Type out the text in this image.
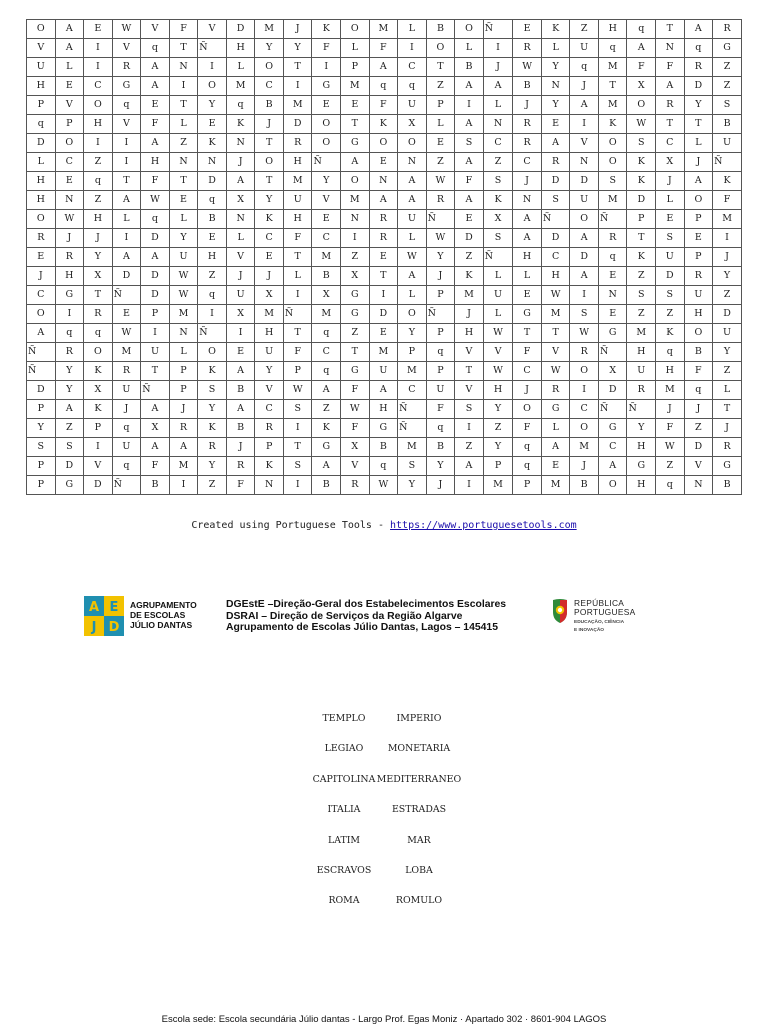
O	A	E	W	V	F	V	D	M	J	K	O	M	L	B	O	Ñ	E	K	Z	H	q	T	A	R
V	A	I	V	q	T	Ñ	H	Y	Y	F	L	F	I	O	L	I	R	L	U	q	A	N	q	G
U	L	I	R	A	N	I	L	O	T	I	P	A	C	T	B	J	W	Y	q	M	F	F	R	Z
H	E	C	G	A	I	O	M	C	I	G	M	q	q	Z	A	A	B	N	J	T	X	A	D	Z
P	V	O	q	E	T	Y	q	B	M	E	E	F	U	P	I	L	J	Y	A	M	O	R	Y	S
q	P	H	V	F	L	E	K	J	D	O	T	K	X	L	A	N	R	E	I	K	W	T	T	B
D	O	I	I	A	Z	K	N	T	R	O	G	O	O	E	S	C	R	A	V	O	S	C	L	U
L	C	Z	I	H	N	N	J	O	H	Ñ	A	E	N	Z	A	Z	C	R	N	O	K	X	J	Ñ
H	E	q	T	F	T	D	A	T	M	Y	O	N	A	W	F	S	J	D	D	S	K	J	A	K
H	N	Z	A	W	E	q	X	Y	U	V	M	A	A	R	A	K	N	S	U	M	D	L	O	F
O	W	H	L	q	L	B	N	K	H	E	N	R	U	Ñ	E	X	A	Ñ	O	Ñ	P	E	P	M
R	J	J	I	D	Y	E	L	C	F	C	I	R	L	W	D	S	A	D	A	R	T	S	E	I
E	R	Y	A	A	U	H	V	E	T	M	Z	E	W	Y	Z	Ñ	H	C	D	q	K	U	P	J
J	H	X	D	D	W	Z	J	J	L	B	X	T	A	J	K	L	L	H	A	E	Z	D	R	Y
C	G	T	Ñ	D	W	q	U	X	I	X	G	I	L	P	M	U	E	W	I	N	S	S	U	Z
O	I	R	E	P	M	I	X	M	Ñ	M	G	D	O	Ñ	J	L	G	M	S	E	Z	Z	H	D
A	q	q	W	I	N	Ñ	I	H	T	q	Z	E	Y	P	H	W	T	T	W	G	M	K	O	U
Ñ	R	O	M	U	L	O	E	U	F	C	T	M	P	q	V	V	F	V	R	Ñ	H	q	B	Y
Ñ	Y	K	R	T	P	K	A	Y	P	q	G	U	M	P	T	W	C	W	O	X	U	H	F	Z
D	Y	X	U	Ñ	P	S	B	V	W	A	F	A	C	U	V	H	J	R	I	D	R	M	q	L
P	A	K	J	A	J	Y	A	C	S	Z	W	H	Ñ	F	S	Y	O	G	C	Ñ	Ñ	J	J	T
Y	Z	P	q	X	R	K	B	R	I	K	F	G	Ñ	q	I	Z	F	L	O	G	Y	F	Z	J
S	S	I	U	A	A	R	J	P	T	G	X	B	M	B	Z	Y	q	A	M	C	H	W	D	R
P	D	V	q	F	M	Y	R	K	S	A	V	q	S	Y	A	P	q	E	J	A	G	Z	V	G
P	G	D	Ñ	B	I	Z	F	N	I	B	R	W	Y	J	I	M	P	M	B	O	H	q	N	B
Created using Portuguese Tools - https://www.portuguesetools.com
A E
J D
AGRUPAMENTO
DE ESCOLAS
JÚLIO DANTAS
DGEstE –Direção-Geral dos Estabelecimentos Escolares
DSRAI – Direção de Serviços da Região Algarve
Agrupamento de Escolas Júlio Dantas, Lagos – 145415
REPÚBLICA
PORTUGUESA
EDUCAÇÃO, CIÊNCIA
E INOVAÇÃO
TEMPLO	IMPERIO
LEGIAO	MONETARIA
CAPITOLINA MEDITERRANEO
ITALIA	ESTRADAS
LATIM	MAR
ESCRAVOS	LOBA
ROMA	ROMULO
Escola sede: Escola secundária Júlio dantas - Largo Prof. Egas Moniz · Apartado 302 · 8601-904 LAGOS
